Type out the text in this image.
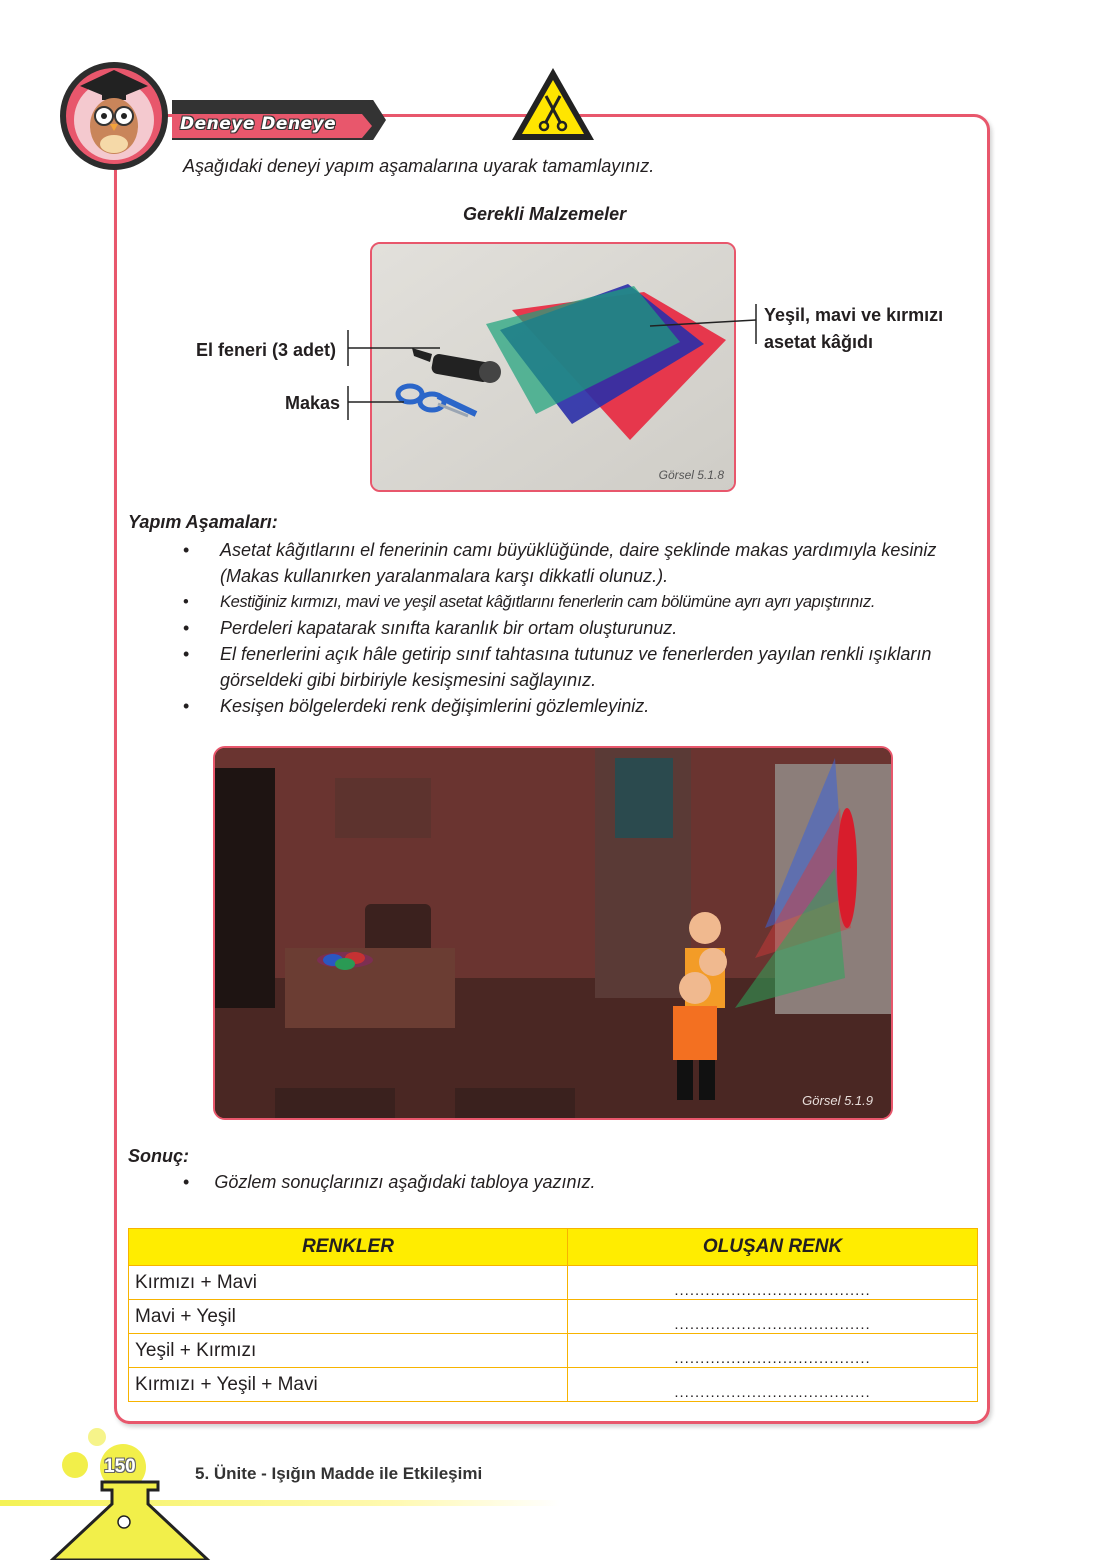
Deneye Deneye
Aşağıdaki deneyi yapım aşamalarına uyarak tamamlayınız.
Gerekli Malzemeler
Görsel 5.1.8
El feneri (3 adet)
Makas
Yeşil, mavi ve kırmızı
asetat kâğıdı
Yapım Aşamaları:
• Asetat kâğıtlarını el fenerinin camı büyüklüğünde, daire şeklinde makas yardımıyla kesiniz
(Makas kullanırken yaralanmalara karşı dikkatli olunuz.).
• Kestiğiniz kırmızı, mavi ve yeşil asetat kâğıtlarını fenerlerin cam bölümüne ayrı ayrı yapıştırınız.
• Perdeleri kapatarak sınıfta karanlık bir ortam oluşturunuz.
• El fenerlerini açık hâle getirip sınıf tahtasına tutunuz ve fenerlerden yayılan renkli ışıkların
görseldeki gibi birbiriyle kesişmesini sağlayınız.
• Kesişen bölgelerdeki renk değişimlerini gözlemleyiniz.
Görsel 5.1.9
Sonuç:
• Gözlem sonuçlarınızı aşağıdaki tabloya yazınız.
RENKLER	OLUŞAN RENK
Kırmızı + Mavi	......................................
Mavi + Yeşil	......................................
Yeşil + Kırmızı	......................................
Kırmızı + Yeşil + Mavi	......................................
150	5. Ünite - Işığın Madde ile Etkileşimi
